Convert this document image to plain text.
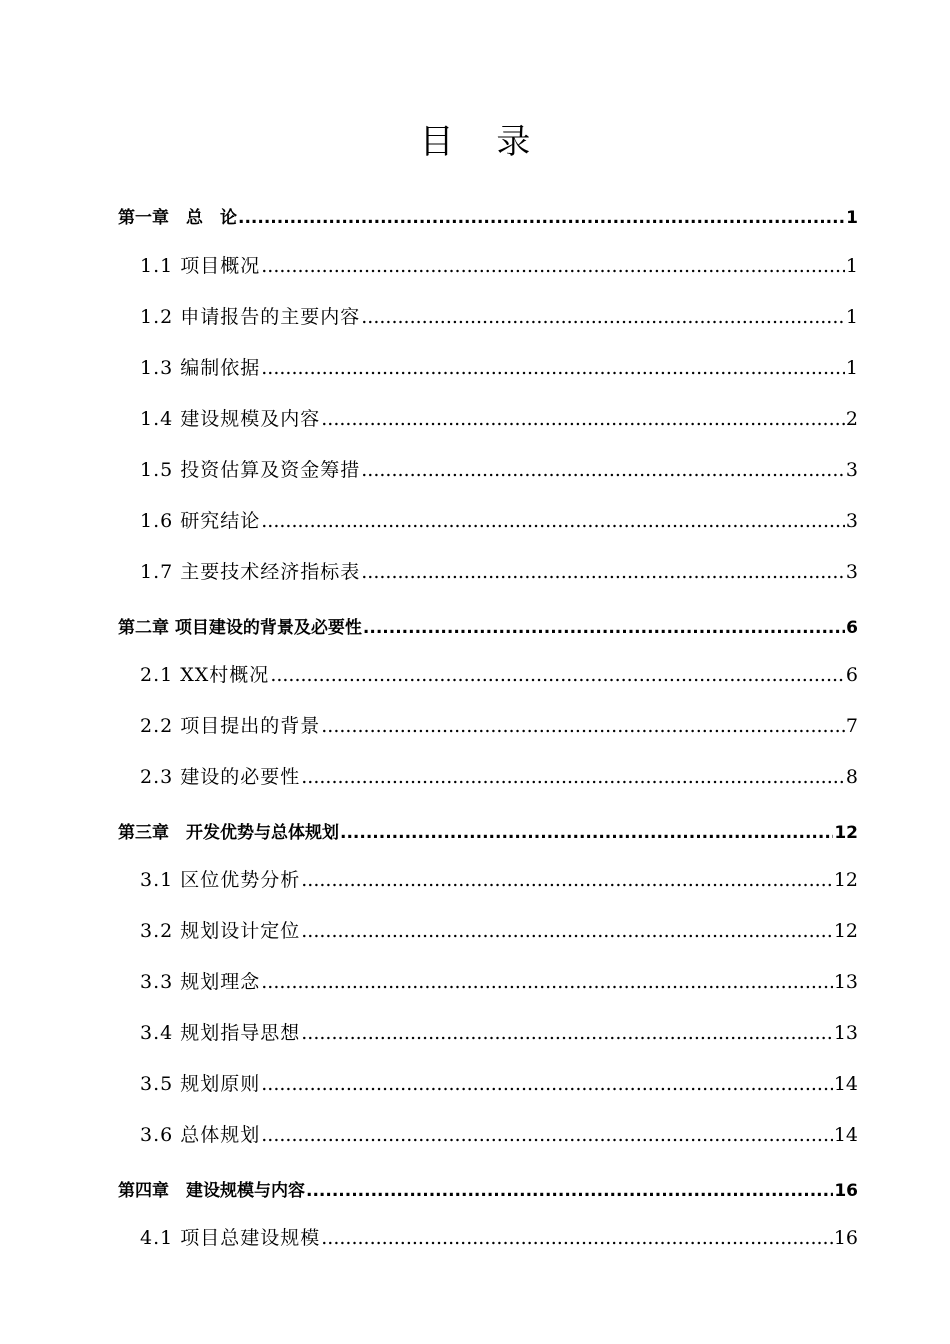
目 录
第一章　总　论 .....	1
1.1 项目概况 .....	1
1.2 申请报告的主要内容 .....	1
1.3 编制依据 .....	1
1.4 建设规模及内容 .....	2
1.5 投资估算及资金筹措 .....	3
1.6 研究结论 .....	3
1.7 主要技术经济指标表 .....	3
第二章 项目建设的背景及必要性 .....	6
2.1 XX村概况 .....	6
2.2 项目提出的背景 .....	7
2.3 建设的必要性 .....	8
第三章　开发优势与总体规划 .....	12
3.1 区位优势分析 .....	12
3.2 规划设计定位 .....	12
3.3 规划理念 .....	13
3.4 规划指导思想 .....	13
3.5 规划原则 .....	14
3.6 总体规划 .....	14
第四章　建设规模与内容 .....	16
4.1 项目总建设规模 .....	16
